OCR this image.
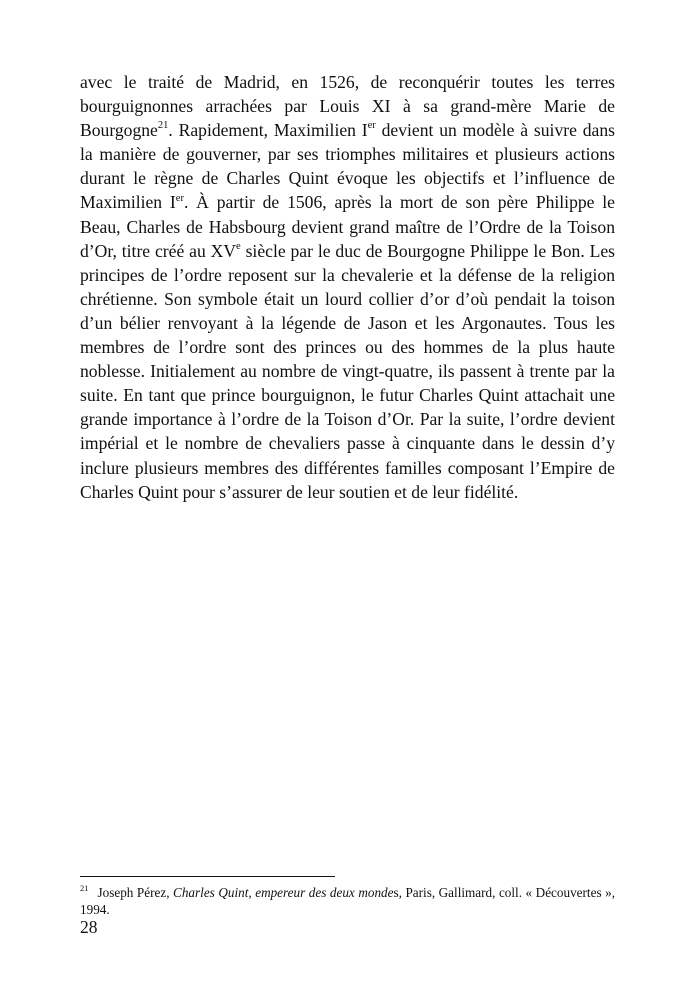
avec le traité de Madrid, en 1526, de reconquérir toutes les terres bourguignonnes arrachées par Louis XI à sa grand-mère Marie de Bourgogne$^{21}$. Rapidement, Maximilien Ier devient un modèle à suivre dans la manière de gouverner, par ses triomphes militaires et plusieurs actions durant le règne de Charles Quint évoque les objectifs et l’influence de Maximilien Ier. À partir de 1506, après la mort de son père Philippe le Beau, Charles de Habsbourg devient grand maître de l’Ordre de la Toison d’Or, titre créé au XVe siècle par le duc de Bourgogne Philippe le Bon. Les principes de l’ordre reposent sur la chevalerie et la défense de la religion chrétienne. Son symbole était un lourd collier d’or d’où pendait la toison d’un bélier renvoyant à la légende de Jason et les Argonautes. Tous les membres de l’ordre sont des princes ou des hommes de la plus haute noblesse. Initialement au nombre de vingt-quatre, ils passent à trente par la suite. En tant que prince bourguignon, le futur Charles Quint attachait une grande importance à l’ordre de la Toison d’Or. Par la suite, l’ordre devient impérial et le nombre de chevaliers passe à cinquante dans le dessin d’y inclure plusieurs membres des différentes familles composant l’Empire de Charles Quint pour s’assurer de leur soutien et de leur fidélité.

$^{21}$ Joseph Pérez, Charles Quint, empereur des deux mondes, Paris, Gallimard, coll. « Découvertes », 1994.

28
